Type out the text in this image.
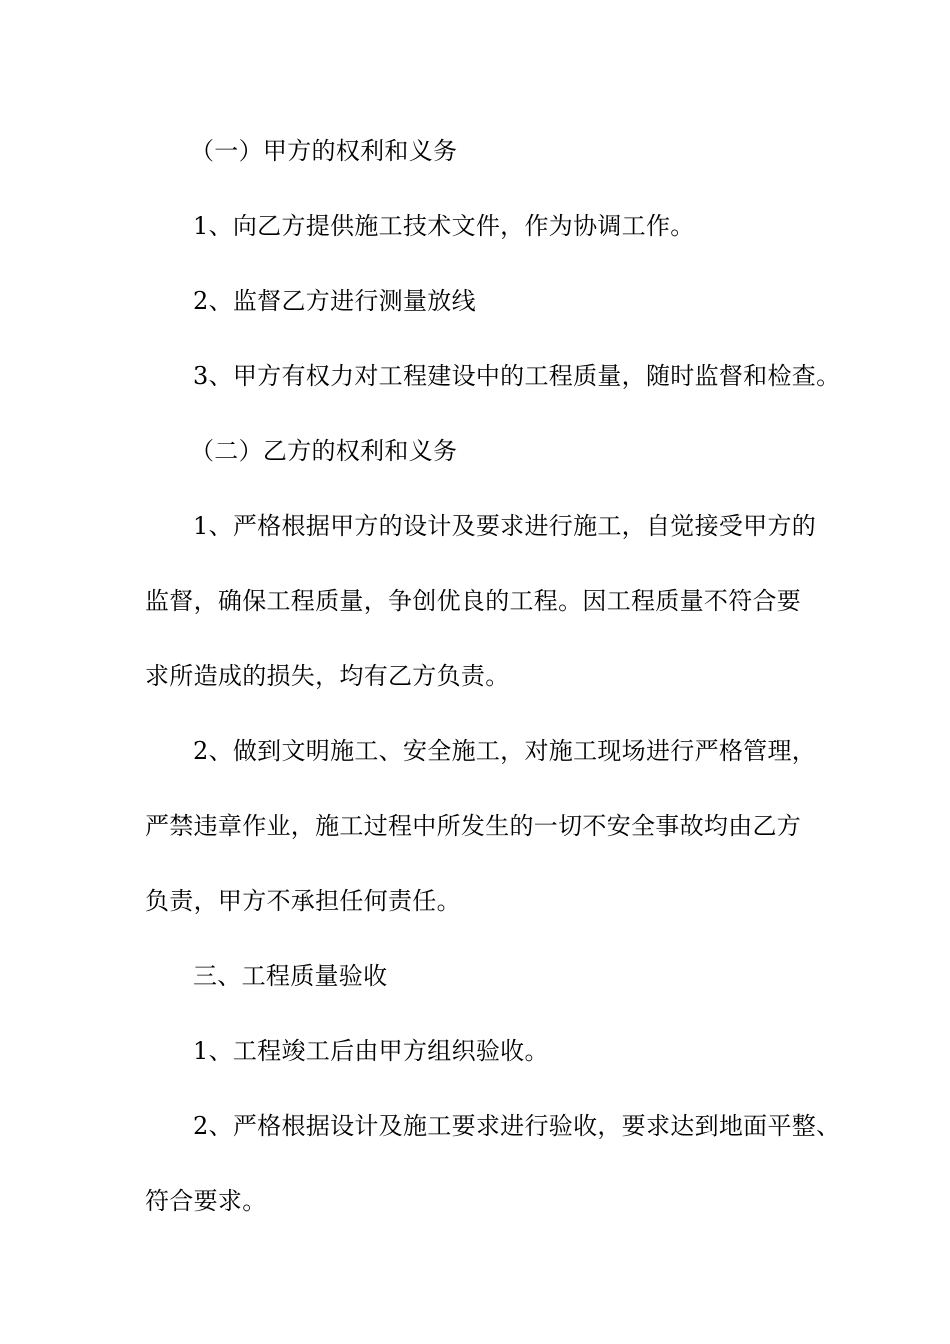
（一）甲方的权利和义务
1、向乙方提供施工技术文件，作为协调工作。
2、监督乙方进行测量放线
3、甲方有权力对工程建设中的工程质量，随时监督和检查。
（二）乙方的权利和义务
1、严格根据甲方的设计及要求进行施工，自觉接受甲方的
监督，确保工程质量，争创优良的工程。因工程质量不符合要
求所造成的损失，均有乙方负责。
2、做到文明施工、安全施工，对施工现场进行严格管理，
严禁违章作业，施工过程中所发生的一切不安全事故均由乙方
负责，甲方不承担任何责任。
三、工程质量验收
1、工程竣工后由甲方组织验收。
2、严格根据设计及施工要求进行验收，要求达到地面平整、
符合要求。
